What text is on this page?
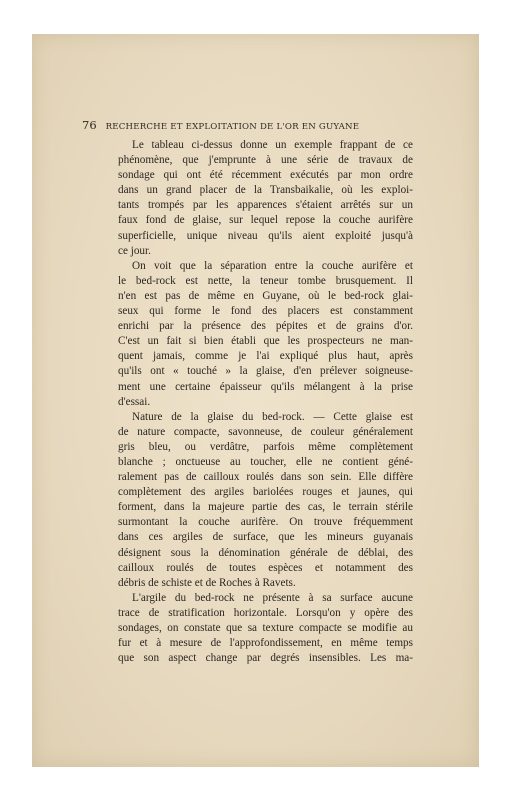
76 RECHERCHE ET EXPLOITATION DE L'OR EN GUYANE
Le tableau ci-dessus donne un exemple frappant de ce
phénomène, que j'emprunte à une série de travaux de
sondage qui ont été récemment exécutés par mon ordre
dans un grand placer de la Transbaikalie, où les exploi-
tants trompés par les apparences s'étaient arrêtés sur un
faux fond de glaise, sur lequel repose la couche aurifère
superficielle, unique niveau qu'ils aient exploité jusqu'à
ce jour.
On voit que la séparation entre la couche aurifère et
le bed-rock est nette, la teneur tombe brusquement. Il
n'en est pas de même en Guyane, où le bed-rock glai-
seux qui forme le fond des placers est constamment
enrichi par la présence des pépites et de grains d'or.
C'est un fait si bien établi que les prospecteurs ne man-
quent jamais, comme je l'ai expliqué plus haut, après
qu'ils ont « touché » la glaise, d'en prélever soigneuse-
ment une certaine épaisseur qu'ils mélangent à la prise
d'essai.
Nature de la glaise du bed-rock. — Cette glaise est
de nature compacte, savonneuse, de couleur généralement
gris bleu, ou verdâtre, parfois même complètement
blanche ; onctueuse au toucher, elle ne contient géné-
ralement pas de cailloux roulés dans son sein. Elle diffère
complètement des argiles bariolées rouges et jaunes, qui
forment, dans la majeure partie des cas, le terrain stérile
surmontant la couche aurifère. On trouve fréquemment
dans ces argiles de surface, que les mineurs guyanais
désignent sous la dénomination générale de déblai, des
cailloux roulés de toutes espèces et notamment des
débris de schiste et de Roches à Ravets.
L'argile du bed-rock ne présente à sa surface aucune
trace de stratification horizontale. Lorsqu'on y opère des
sondages, on constate que sa texture compacte se modifie au
fur et à mesure de l'approfondissement, en même temps
que son aspect change par degrés insensibles. Les ma-
